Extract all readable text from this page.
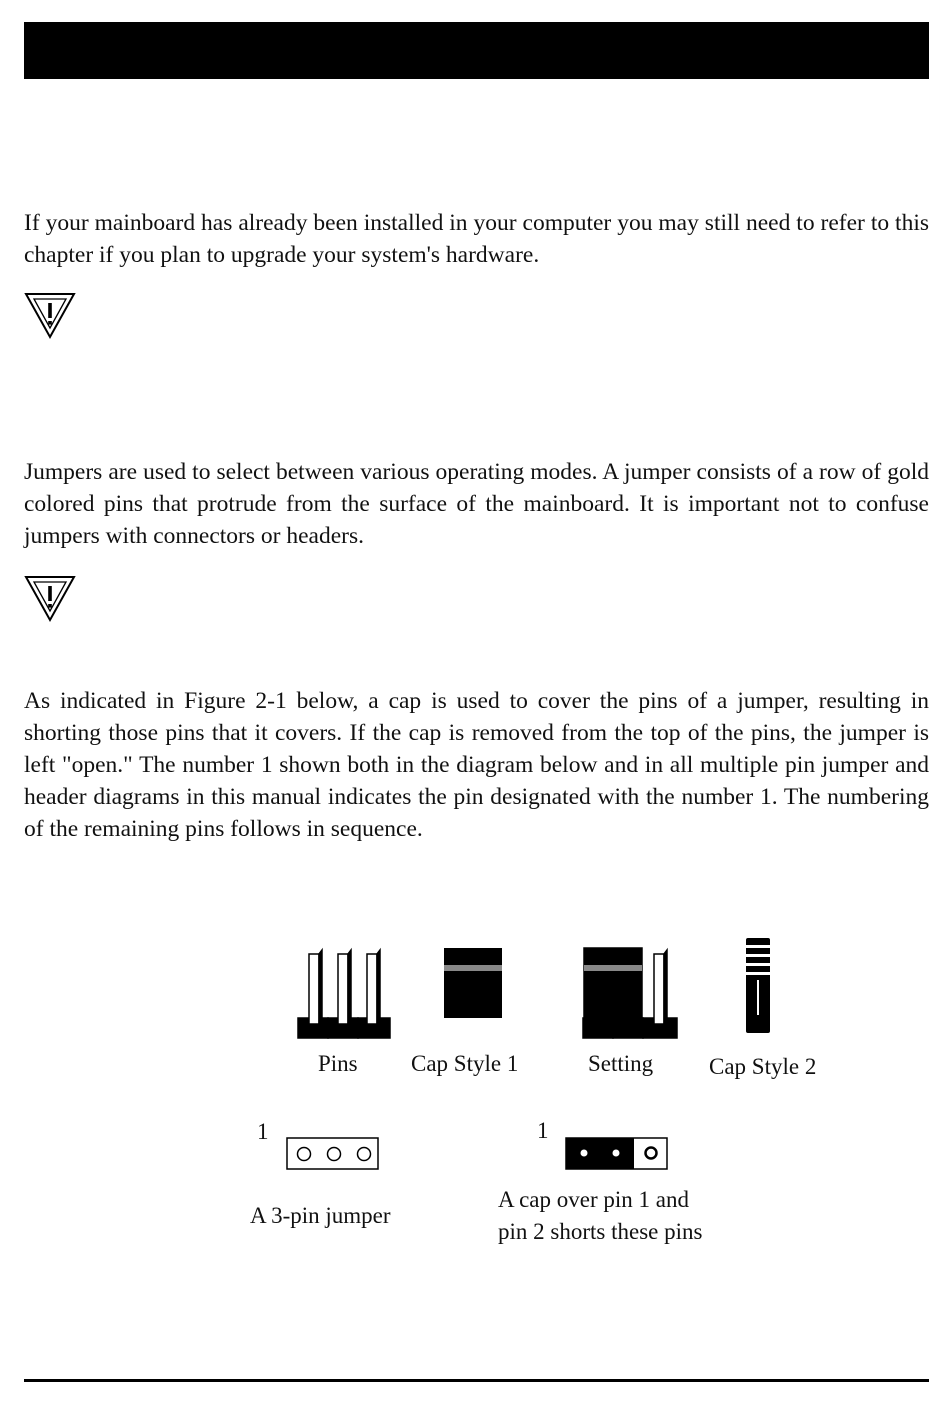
If your mainboard has already been installed in your computer you may still need to refer to this chapter if you plan to upgrade your system's hardware.

Jumpers are used to select between various operating modes. A jumper consists of a row of gold colored pins that protrude from the surface of the mainboard. It is important not to confuse jumpers with connectors or headers.

As indicated in Figure 2-1 below, a cap is used to cover the pins of a jumper, resulting in shorting those pins that it covers. If the cap is removed from the top of the pins, the jumper is left "open." The number 1 shown both in the diagram below and in all multiple pin jumper and header diagrams in this manual indicates the pin designated with the number 1. The numbering of the remaining pins follows in sequence.

Pins Cap Style 1	Setting Cap Style 2
1	1
A 3-pin jumper
A cap over pin 1 and
pin 2 shorts these pins
